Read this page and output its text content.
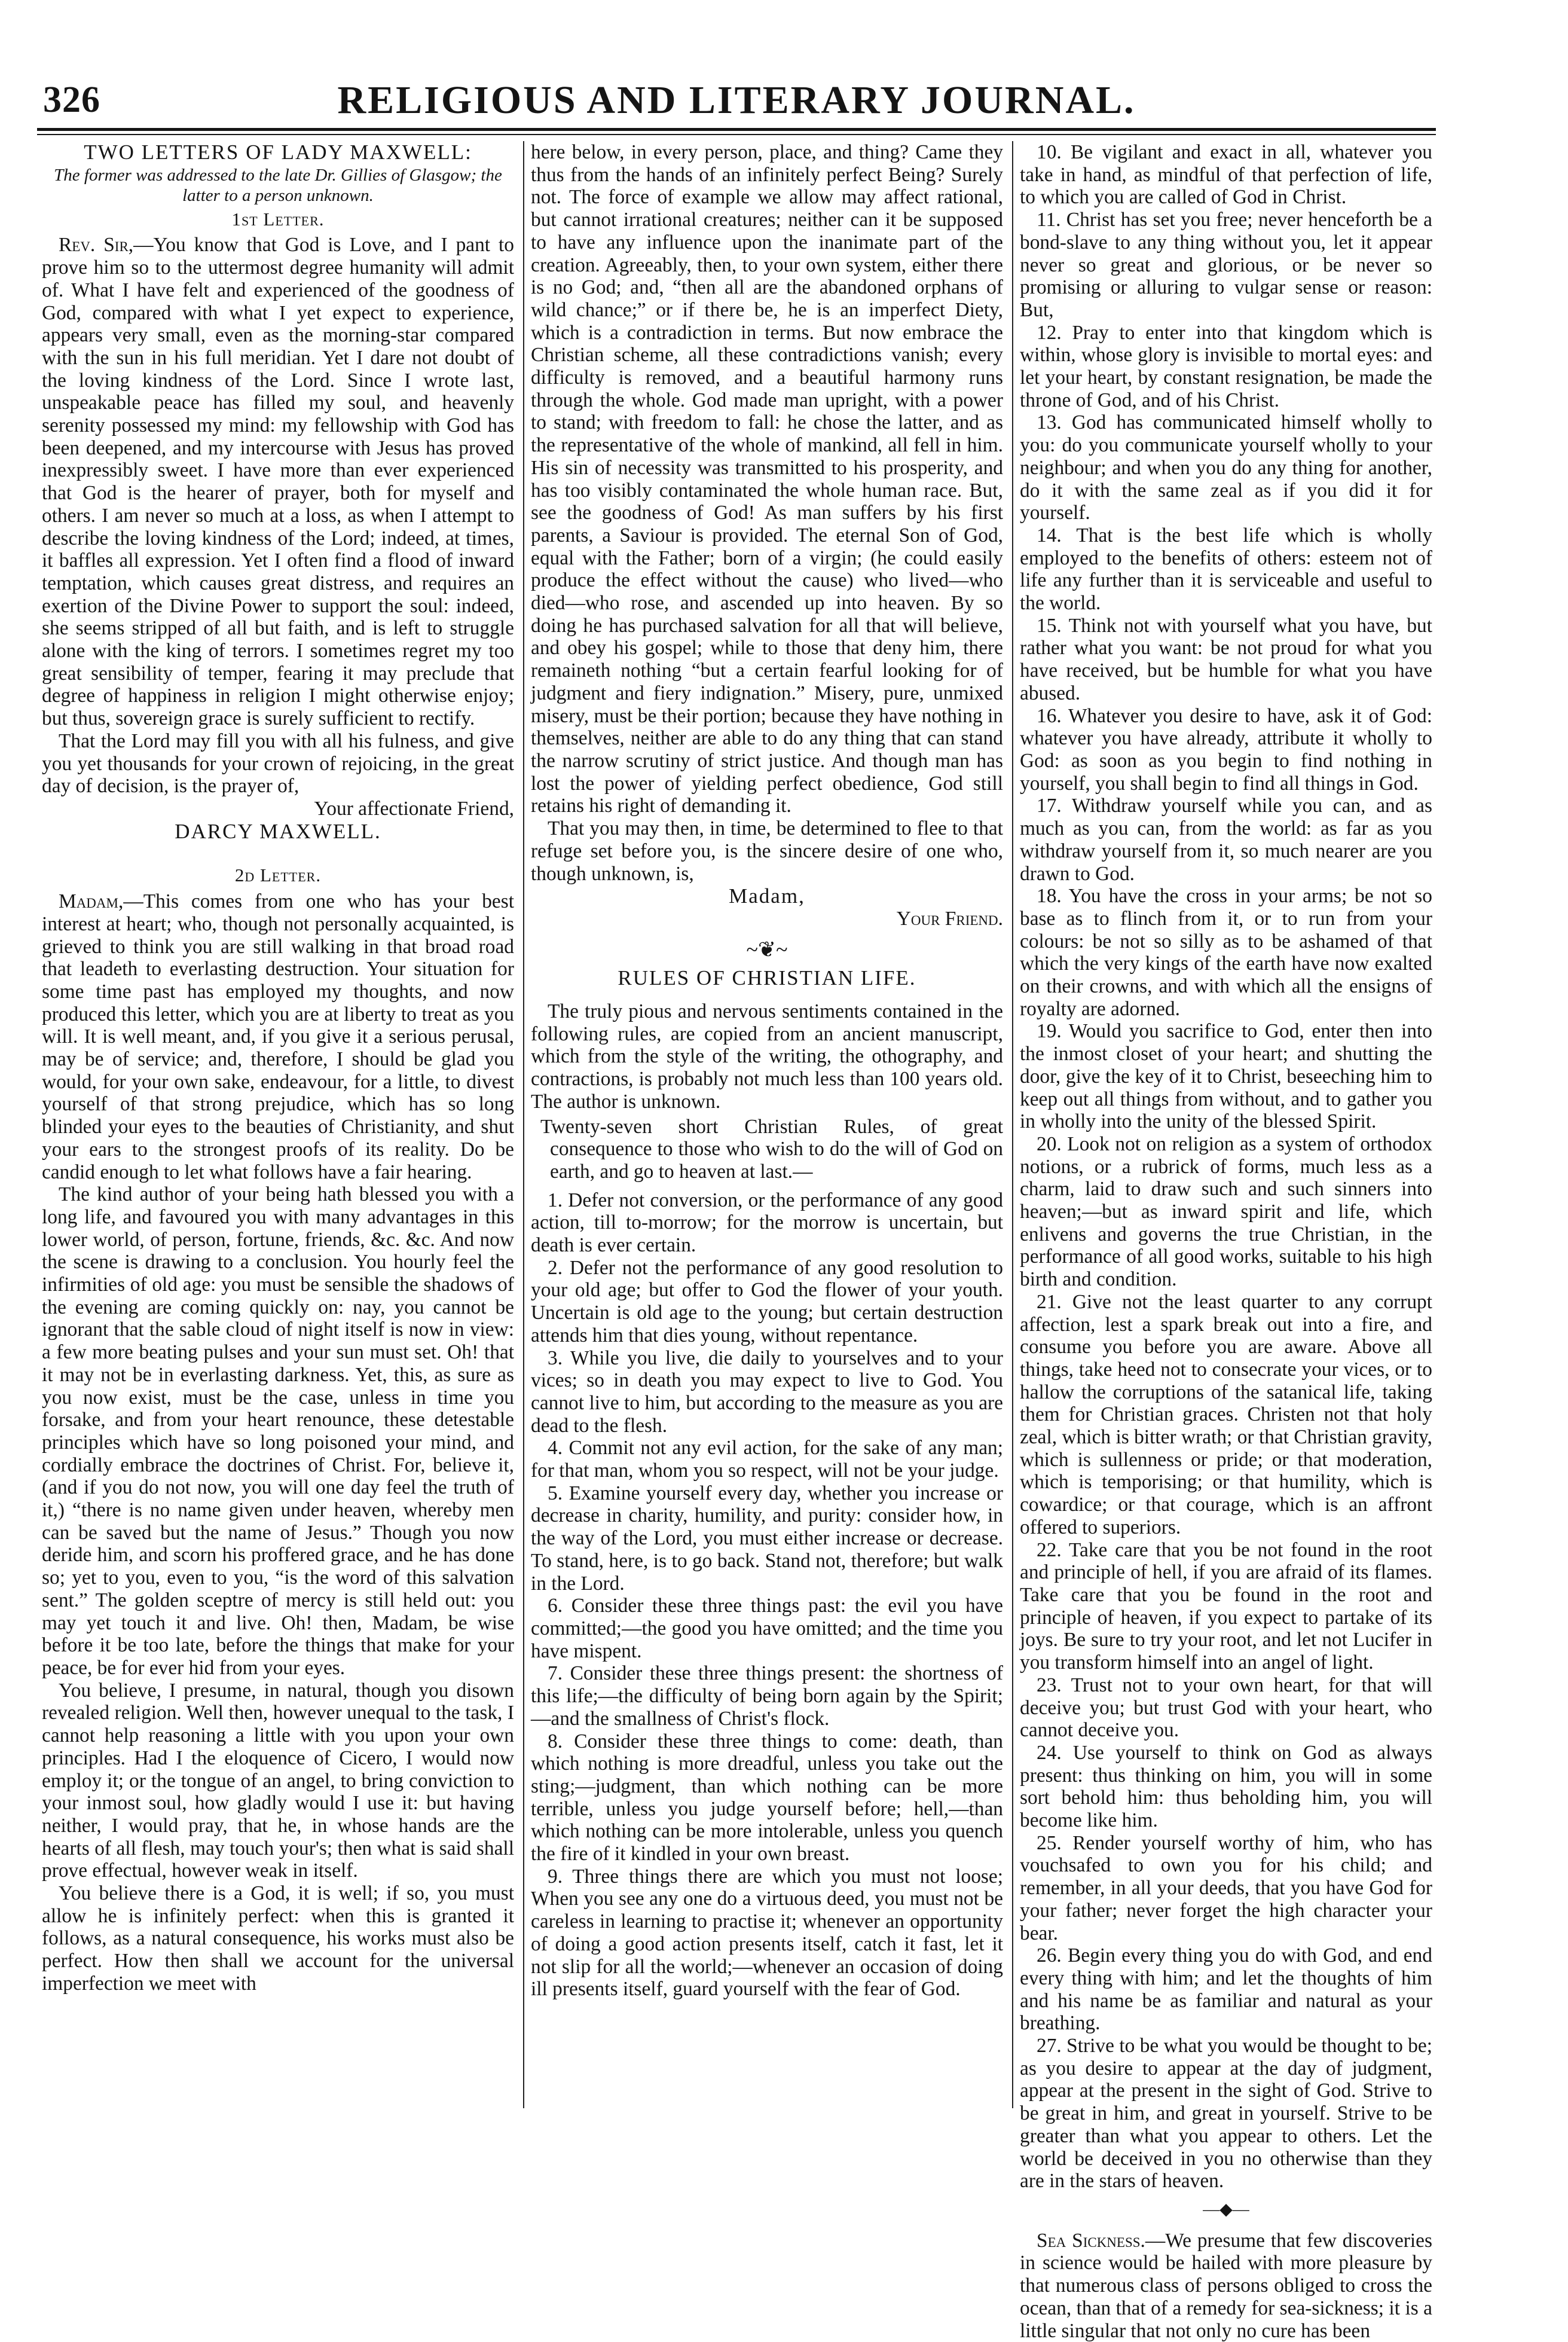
326	RELIGIOUS AND LITERARY JOURNAL.

TWO LETTERS OF LADY MAXWELL:

The former was addressed to the late Dr. Gillies of Glasgow; the latter to a person unknown.

1st Letter.

Rev. Sir,—You know that God is Love, and I pant to prove him so to the uttermost degree humanity will admit of. What I have felt and experienced of the goodness of God, compared with what I yet expect to experience, appears very small, even as the morning-star compared with the sun in his full meridian. Yet I dare not doubt of the loving kindness of the Lord. Since I wrote last, unspeakable peace has filled my soul, and heavenly serenity possessed my mind: my fellowship with God has been deepened, and my intercourse with Jesus has proved inexpressibly sweet. I have more than ever experienced that God is the hearer of prayer, both for myself and others. I am never so much at a loss, as when I attempt to describe the loving kindness of the Lord; indeed, at times, it baffles all expression. Yet I often find a flood of inward temptation, which causes great distress, and requires an exertion of the Divine Power to support the soul: indeed, she seems stripped of all but faith, and is left to struggle alone with the king of terrors. I sometimes regret my too great sensibility of temper, fearing it may preclude that degree of happiness in religion I might otherwise enjoy; but thus, sovereign grace is surely sufficient to rectify.

That the Lord may fill you with all his fulness, and give you yet thousands for your crown of rejoicing, in the great day of decision, is the prayer of,

Your affectionate Friend,

DARCY MAXWELL.

2d Letter.

Madam,—This comes from one who has your best interest at heart; who, though not personally acquainted, is grieved to think you are still walking in that broad road that leadeth to everlasting destruction. Your situation for some time past has employed my thoughts, and now produced this letter, which you are at liberty to treat as you will. It is well meant, and, if you give it a serious perusal, may be of service; and, therefore, I should be glad you would, for your own sake, endeavour, for a little, to divest yourself of that strong prejudice, which has so long blinded your eyes to the beauties of Christianity, and shut your ears to the strongest proofs of its reality. Do be candid enough to let what follows have a fair hearing.

The kind author of your being hath blessed you with a long life, and favoured you with many advantages in this lower world, of person, fortune, friends, &c. &c. And now the scene is drawing to a conclusion. You hourly feel the infirmities of old age: you must be sensible the shadows of the evening are coming quickly on: nay, you cannot be ignorant that the sable cloud of night itself is now in view: a few more beating pulses and your sun must set. Oh! that it may not be in everlasting darkness. Yet, this, as sure as you now exist, must be the case, unless in time you forsake, and from your heart renounce, these detestable principles which have so long poisoned your mind, and cordially embrace the doctrines of Christ. For, believe it, (and if you do not now, you will one day feel the truth of it,) “there is no name given under heaven, whereby men can be saved but the name of Jesus.” Though you now deride him, and scorn his proffered grace, and he has done so; yet to you, even to you, “is the word of this salvation sent.” The golden sceptre of mercy is still held out: you may yet touch it and live. Oh! then, Madam, be wise before it be too late, before the things that make for your peace, be for ever hid from your eyes.

You believe, I presume, in natural, though you disown revealed religion. Well then, however unequal to the task, I cannot help reasoning a little with you upon your own principles. Had I the eloquence of Cicero, I would now employ it; or the tongue of an angel, to bring conviction to your inmost soul, how gladly would I use it: but having neither, I would pray, that he, in whose hands are the hearts of all flesh, may touch your's; then what is said shall prove effectual, however weak in itself.

You believe there is a God, it is well; if so, you must allow he is infinitely perfect: when this is granted it follows, as a natural consequence, his works must also be perfect. How then shall we account for the universal imperfection we meet with

here below, in every person, place, and thing? Came they thus from the hands of an infinitely perfect Being? Surely not. The force of example we allow may affect rational, but cannot irrational creatures; neither can it be supposed to have any influence upon the inanimate part of the creation. Agreeably, then, to your own system, either there is no God; and, “then all are the abandoned orphans of wild chance;” or if there be, he is an imperfect Diety, which is a contradiction in terms. But now embrace the Christian scheme, all these contradictions vanish; every difficulty is removed, and a beautiful harmony runs through the whole. God made man upright, with a power to stand; with freedom to fall: he chose the latter, and as the representative of the whole of mankind, all fell in him. His sin of necessity was transmitted to his prosperity, and has too visibly contaminated the whole human race. But, see the goodness of God! As man suffers by his first parents, a Saviour is provided. The eternal Son of God, equal with the Father; born of a virgin; (he could easily produce the effect without the cause) who lived—who died—who rose, and ascended up into heaven. By so doing he has purchased salvation for all that will believe, and obey his gospel; while to those that deny him, there remaineth nothing “but a certain fearful looking for of judgment and fiery indignation.” Misery, pure, unmixed misery, must be their portion; because they have nothing in themselves, neither are able to do any thing that can stand the narrow scrutiny of strict justice. And though man has lost the power of yielding perfect obedience, God still retains his right of demanding it.

That you may then, in time, be determined to flee to that refuge set before you, is the sincere desire of one who, though unknown, is,

Madam,

Your Friend.

~❦~

RULES OF CHRISTIAN LIFE.

The truly pious and nervous sentiments contained in the following rules, are copied from an ancient manuscript, which from the style of the writing, the othography, and contractions, is probably not much less than 100 years old. The author is unknown.

Twenty-seven short Christian Rules, of great consequence to those who wish to do the will of God on earth, and go to heaven at last.—

1. Defer not conversion, or the performance of any good action, till to-morrow; for the morrow is uncertain, but death is ever certain.

2. Defer not the performance of any good resolution to your old age; but offer to God the flower of your youth. Uncertain is old age to the young; but certain destruction attends him that dies young, without repentance.

3. While you live, die daily to yourselves and to your vices; so in death you may expect to live to God. You cannot live to him, but according to the measure as you are dead to the flesh.

4. Commit not any evil action, for the sake of any man; for that man, whom you so respect, will not be your judge.

5. Examine yourself every day, whether you increase or decrease in charity, humility, and purity: consider how, in the way of the Lord, you must either increase or decrease. To stand, here, is to go back. Stand not, therefore; but walk in the Lord.

6. Consider these three things past: the evil you have committed;—the good you have omitted; and the time you have mispent.

7. Consider these three things present: the shortness of this life;—the difficulty of being born again by the Spirit;—and the smallness of Christ's flock.

8. Consider these three things to come: death, than which nothing is more dreadful, unless you take out the sting;—judgment, than which nothing can be more terrible, unless you judge yourself before; hell,—than which nothing can be more intolerable, unless you quench the fire of it kindled in your own breast.

9. Three things there are which you must not loose; When you see any one do a virtuous deed, you must not be careless in learning to practise it; whenever an opportunity of doing a good action presents itself, catch it fast, let it not slip for all the world;—whenever an occasion of doing ill presents itself, guard yourself with the fear of God.

10. Be vigilant and exact in all, whatever you take in hand, as mindful of that perfection of life, to which you are called of God in Christ.

11. Christ has set you free; never henceforth be a bond-slave to any thing without you, let it appear never so great and glorious, or be never so promising or alluring to vulgar sense or reason: But,

12. Pray to enter into that kingdom which is within, whose glory is invisible to mortal eyes: and let your heart, by constant resignation, be made the throne of God, and of his Christ.

13. God has communicated himself wholly to you: do you communicate yourself wholly to your neighbour; and when you do any thing for another, do it with the same zeal as if you did it for yourself.

14. That is the best life which is wholly employed to the benefits of others: esteem not of life any further than it is serviceable and useful to the world.

15. Think not with yourself what you have, but rather what you want: be not proud for what you have received, but be humble for what you have abused.

16. Whatever you desire to have, ask it of God: whatever you have already, attribute it wholly to God: as soon as you begin to find nothing in yourself, you shall begin to find all things in God.

17. Withdraw yourself while you can, and as much as you can, from the world: as far as you withdraw yourself from it, so much nearer are you drawn to God.

18. You have the cross in your arms; be not so base as to flinch from it, or to run from your colours: be not so silly as to be ashamed of that which the very kings of the earth have now exalted on their crowns, and with which all the ensigns of royalty are adorned.

19. Would you sacrifice to God, enter then into the inmost closet of your heart; and shutting the door, give the key of it to Christ, beseeching him to keep out all things from without, and to gather you in wholly into the unity of the blessed Spirit.

20. Look not on religion as a system of orthodox notions, or a rubrick of forms, much less as a charm, laid to draw such and such sinners into heaven;—but as inward spirit and life, which enlivens and governs the true Christian, in the performance of all good works, suitable to his high birth and condition.

21. Give not the least quarter to any corrupt affection, lest a spark break out into a fire, and consume you before you are aware. Above all things, take heed not to consecrate your vices, or to hallow the corruptions of the satanical life, taking them for Christian graces. Christen not that holy zeal, which is bitter wrath; or that Christian gravity, which is sullenness or pride; or that moderation, which is temporising; or that humility, which is cowardice; or that courage, which is an affront offered to superiors.

22. Take care that you be not found in the root and principle of hell, if you are afraid of its flames. Take care that you be found in the root and principle of heaven, if you expect to partake of its joys. Be sure to try your root, and let not Lucifer in you transform himself into an angel of light.

23. Trust not to your own heart, for that will deceive you; but trust God with your heart, who cannot deceive you.

24. Use yourself to think on God as always present: thus thinking on him, you will in some sort behold him: thus beholding him, you will become like him.

25. Render yourself worthy of him, who has vouchsafed to own you for his child; and remember, in all your deeds, that you have God for your father; never forget the high character your bear.

26. Begin every thing you do with God, and end every thing with him; and let the thoughts of him and his name be as familiar and natural as your breathing.

27. Strive to be what you would be thought to be; as you desire to appear at the day of judgment, appear at the present in the sight of God. Strive to be great in him, and great in yourself. Strive to be greater than what you appear to others. Let the world be deceived in you no otherwise than they are in the stars of heaven.

—◆—

Sea Sickness.—We presume that few discoveries in science would be hailed with more pleasure by that numerous class of persons obliged to cross the ocean, than that of a remedy for sea-sickness; it is a little singular that not only no cure has been
